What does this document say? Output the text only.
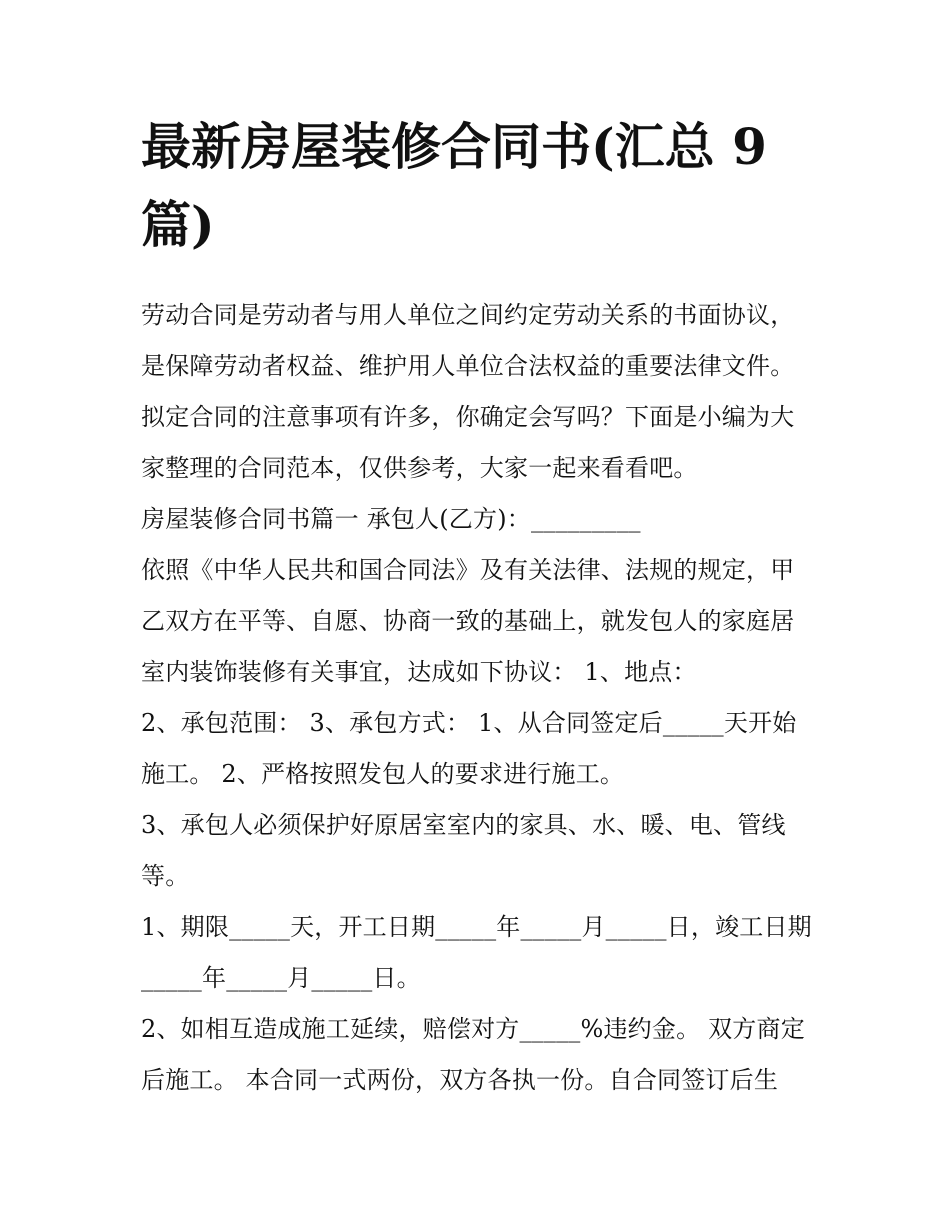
最新房屋装修合同书(汇总 9
篇)
劳动合同是劳动者与用人单位之间约定劳动关系的书面协议，
是保障劳动者权益、维护用人单位合法权益的重要法律文件。
拟定合同的注意事项有许多，你确定会写吗？下面是小编为大
家整理的合同范本，仅供参考，大家一起来看看吧。
房屋装修合同书篇一 承包人(乙方)：_________
依照《中华人民共和国合同法》及有关法律、法规的规定，甲
乙双方在平等、自愿、协商一致的基础上，就发包人的家庭居
室内装饰装修有关事宜，达成如下协议： 1、地点：
2、承包范围： 3、承包方式： 1、从合同签定后_____天开始
施工。 2、严格按照发包人的要求进行施工。
3、承包人必须保护好原居室室内的家具、水、暖、电、管线
等。
1、期限_____天，开工日期_____年_____月_____日，竣工日期
_____年_____月_____日。
2、如相互造成施工延续，赔偿对方_____%违约金。 双方商定
后施工。 本合同一式两份，双方各执一份。自合同签订后生
